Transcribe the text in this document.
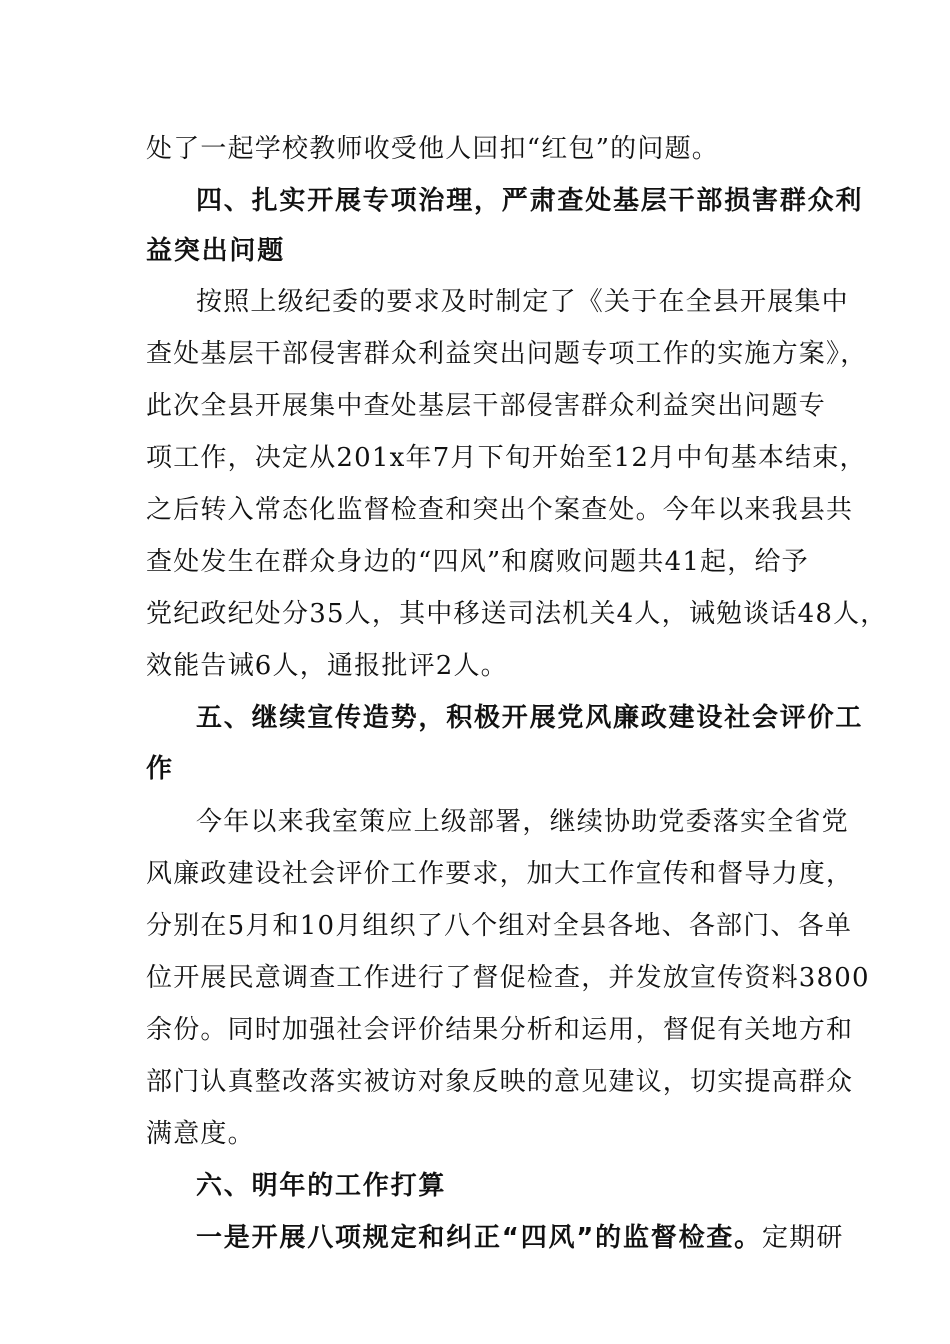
处了一起学校教师收受他人回扣“红包”的问题。
四、扎实开展专项治理，严肃查处基层干部损害群众利
益突出问题
按照上级纪委的要求及时制定了《关于在全县开展集中
查处基层干部侵害群众利益突出问题专项工作的实施方案》，
此次全县开展集中查处基层干部侵害群众利益突出问题专
项工作，决定从201x年7月下旬开始至12月中旬基本结束，
之后转入常态化监督检查和突出个案查处。今年以来我县共
查处发生在群众身边的“四风”和腐败问题共41起，给予
党纪政纪处分35人，其中移送司法机关4人，诫勉谈话48人，
效能告诫6人，通报批评2人。
五、继续宣传造势，积极开展党风廉政建设社会评价工
作
今年以来我室策应上级部署，继续协助党委落实全省党
风廉政建设社会评价工作要求，加大工作宣传和督导力度，
分别在5月和10月组织了八个组对全县各地、各部门、各单
位开展民意调查工作进行了督促检查，并发放宣传资料3800
余份。同时加强社会评价结果分析和运用，督促有关地方和
部门认真整改落实被访对象反映的意见建议，切实提高群众
满意度。
六、明年的工作打算
一是开展八项规定和纠正“四风”的监督检查。定期研
